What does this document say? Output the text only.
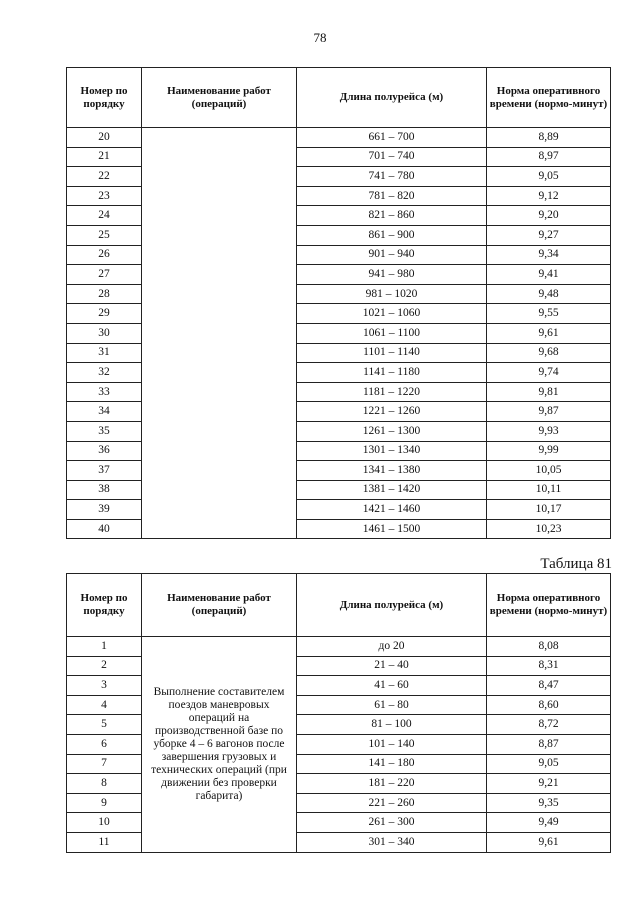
78
Номер по порядку	Наименование работ (операций)	Длина полурейса (м)	Норма оперативного времени (нормо-минут)
20		661 – 700	8,89
21		701 – 740	8,97
22		741 – 780	9,05
23		781 – 820	9,12
24		821 – 860	9,20
25		861 – 900	9,27
26		901 – 940	9,34
27		941 – 980	9,41
28		981 – 1020	9,48
29		1021 – 1060	9,55
30		1061 – 1100	9,61
31		1101 – 1140	9,68
32		1141 – 1180	9,74
33		1181 – 1220	9,81
34		1221 – 1260	9,87
35		1261 – 1300	9,93
36		1301 – 1340	9,99
37		1341 – 1380	10,05
38		1381 – 1420	10,11
39		1421 – 1460	10,17
40		1461 – 1500	10,23
Таблица 81
Номер по порядку	Наименование работ (операций)	Длина полурейса (м)	Норма оперативного времени (нормо-минут)
1	Выполнение составителем поездов маневровых операций на производственной базе по уборке 4 – 6 вагонов после завершения грузовых и технических операций (при движении без проверки габарита)	до 20	8,08
2		21 – 40	8,31
3		41 – 60	8,47
4		61 – 80	8,60
5		81 – 100	8,72
6		101 – 140	8,87
7		141 – 180	9,05
8		181 – 220	9,21
9		221 – 260	9,35
10		261 – 300	9,49
11		301 – 340	9,61
